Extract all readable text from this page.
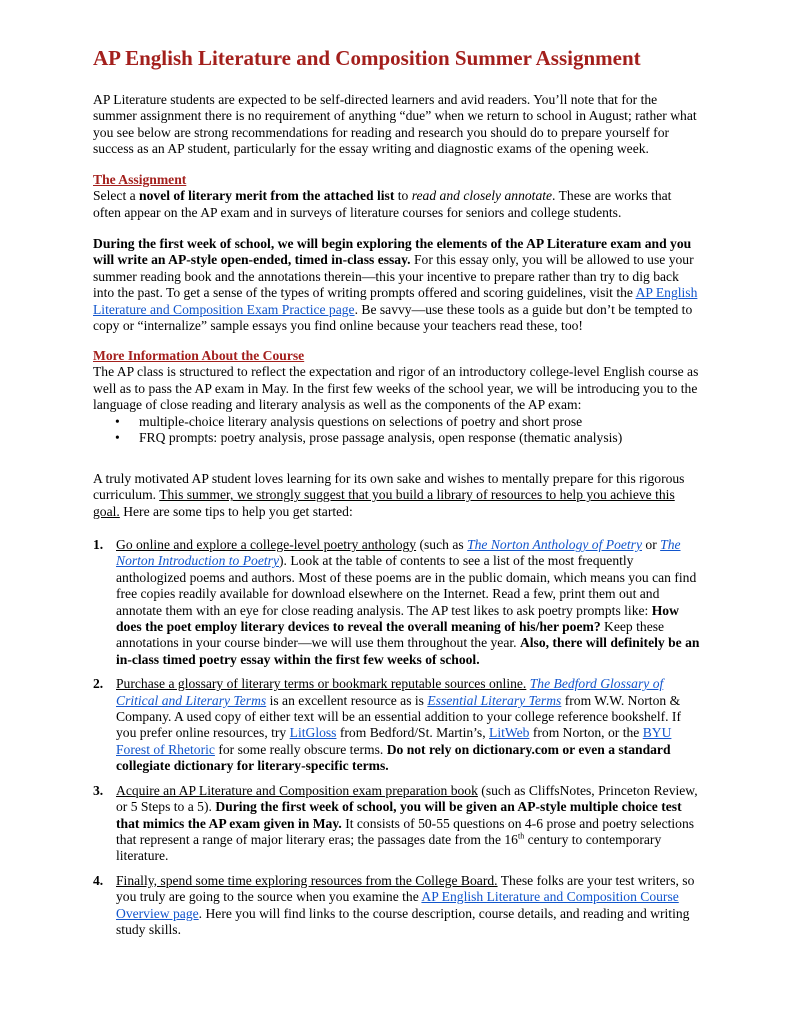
AP English Literature and Composition Summer Assignment

AP Literature students are expected to be self-directed learners and avid readers. You’ll note that for the summer assignment there is no requirement of anything “due” when we return to school in August; rather what you see below are strong recommendations for reading and research you should do to prepare yourself for success as an AP student, particularly for the essay writing and diagnostic exams of the opening week.

The Assignment

Select a novel of literary merit from the attached list to read and closely annotate. These are works that often appear on the AP exam and in surveys of literature courses for seniors and college students.

During the first week of school, we will begin exploring the elements of the AP Literature exam and you will write an AP-style open-ended, timed in-class essay. For this essay only, you will be allowed to use your summer reading book and the annotations therein—this your incentive to prepare rather than try to dig back into the past. To get a sense of the types of writing prompts offered and scoring guidelines, visit the AP English Literature and Composition Exam Practice page. Be savvy—use these tools as a guide but don’t be tempted to copy or “internalize” sample essays you find online because your teachers read these, too!

More Information About the Course

The AP class is structured to reflect the expectation and rigor of an introductory college-level English course as well as to pass the AP exam in May. In the first few weeks of the school year, we will be introducing you to the language of close reading and literary analysis as well as the components of the AP exam:

• multiple-choice literary analysis questions on selections of poetry and short prose
• FRQ prompts: poetry analysis, prose passage analysis, open response (thematic analysis)

A truly motivated AP student loves learning for its own sake and wishes to mentally prepare for this rigorous curriculum. This summer, we strongly suggest that you build a library of resources to help you achieve this goal. Here are some tips to help you get started:

1. Go online and explore a college-level poetry anthology (such as The Norton Anthology of Poetry or The Norton Introduction to Poetry). Look at the table of contents to see a list of the most frequently anthologized poems and authors. Most of these poems are in the public domain, which means you can find free copies readily available for download elsewhere on the Internet. Read a few, print them out and annotate them with an eye for close reading analysis. The AP test likes to ask poetry prompts like: How does the poet employ literary devices to reveal the overall meaning of his/her poem? Keep these annotations in your course binder—we will use them throughout the year. Also, there will definitely be an in-class timed poetry essay within the first few weeks of school.
2. Purchase a glossary of literary terms or bookmark reputable sources online. The Bedford Glossary of Critical and Literary Terms is an excellent resource as is Essential Literary Terms from W.W. Norton & Company. A used copy of either text will be an essential addition to your college reference bookshelf. If you prefer online resources, try LitGloss from Bedford/St. Martin’s, LitWeb from Norton, or the BYU Forest of Rhetoric for some really obscure terms. Do not rely on dictionary.com or even a standard collegiate dictionary for literary-specific terms.
3. Acquire an AP Literature and Composition exam preparation book (such as CliffsNotes, Princeton Review, or 5 Steps to a 5). During the first week of school, you will be given an AP-style multiple choice test that mimics the AP exam given in May. It consists of 50-55 questions on 4-6 prose and poetry selections that represent a range of major literary eras; the passages date from the 16th century to contemporary literature.
4. Finally, spend some time exploring resources from the College Board. These folks are your test writers, so you truly are going to the source when you examine the AP English Literature and Composition Course Overview page. Here you will find links to the course description, course details, and reading and writing study skills.
